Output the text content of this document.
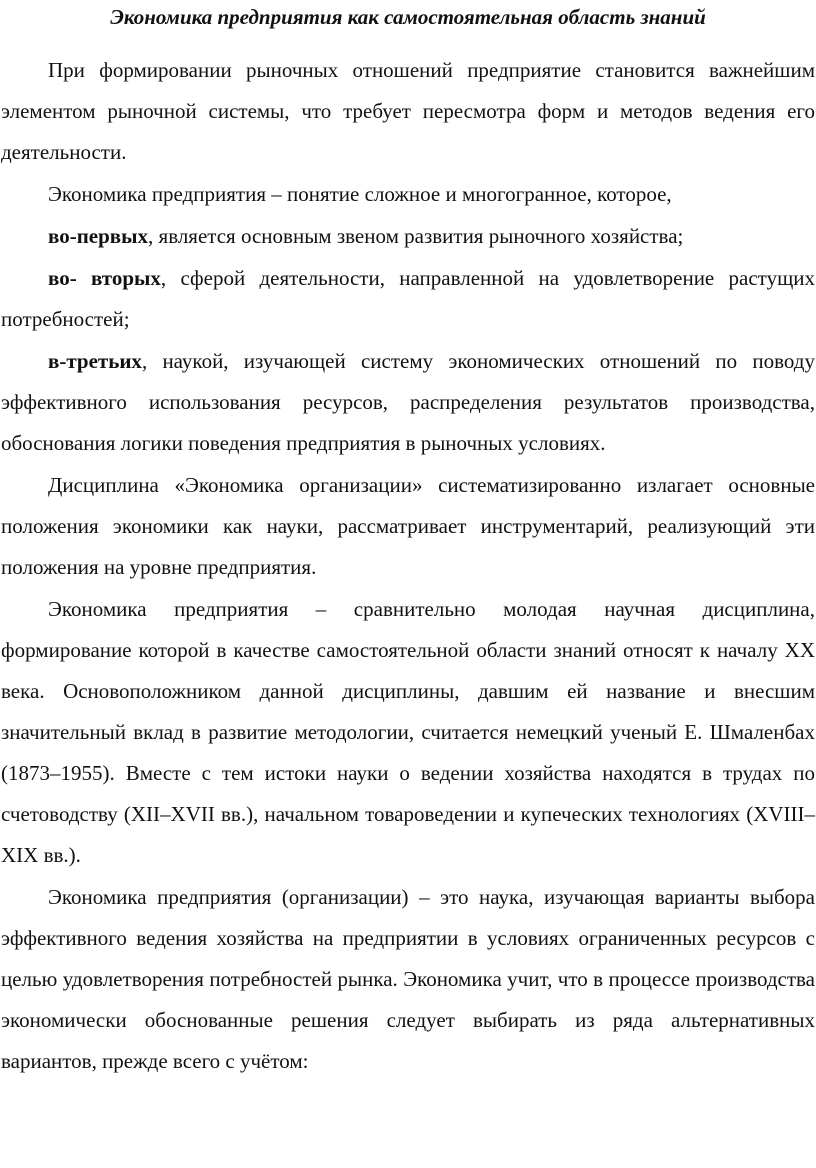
Экономика предприятия как самостоятельная область знаний

При формировании рыночных отношений предприятие становится важнейшим элементом рыночной системы, что требует пересмотра форм и методов ведения его деятельности.

Экономика предприятия – понятие сложное и многогранное, которое,

во-первых, является основным звеном развития рыночного хозяйства;

во- вторых, сферой деятельности, направленной на удовлетворение растущих потребностей;

в-третьих, наукой, изучающей систему экономических отношений по поводу эффективного использования ресурсов, распределения результатов производства, обоснования логики поведения предприятия в рыночных условиях.

Дисциплина «Экономика организации» систематизированно излагает основные положения экономики как науки, рассматривает инструментарий, реализующий эти положения на уровне предприятия.

Экономика предприятия – сравнительно молодая научная дисциплина, формирование которой в качестве самостоятельной области знаний относят к началу XX века. Основоположником данной дисциплины, давшим ей название и внесшим значительный вклад в развитие методологии, считается немецкий ученый Е. Шмаленбах (1873–1955). Вместе с тем истоки науки о ведении хозяйства находятся в трудах по счетоводству (XII–XVII вв.), начальном товароведении и купеческих технологиях (XVIII– XIX вв.).

Экономика предприятия (организации) – это наука, изучающая варианты выбора эффективного ведения хозяйства на предприятии в условиях ограниченных ресурсов с целью удовлетворения потребностей рынка. Экономика учит, что в процессе производства экономически обоснованные решения следует выбирать из ряда альтернативных вариантов, прежде всего с учётом:
